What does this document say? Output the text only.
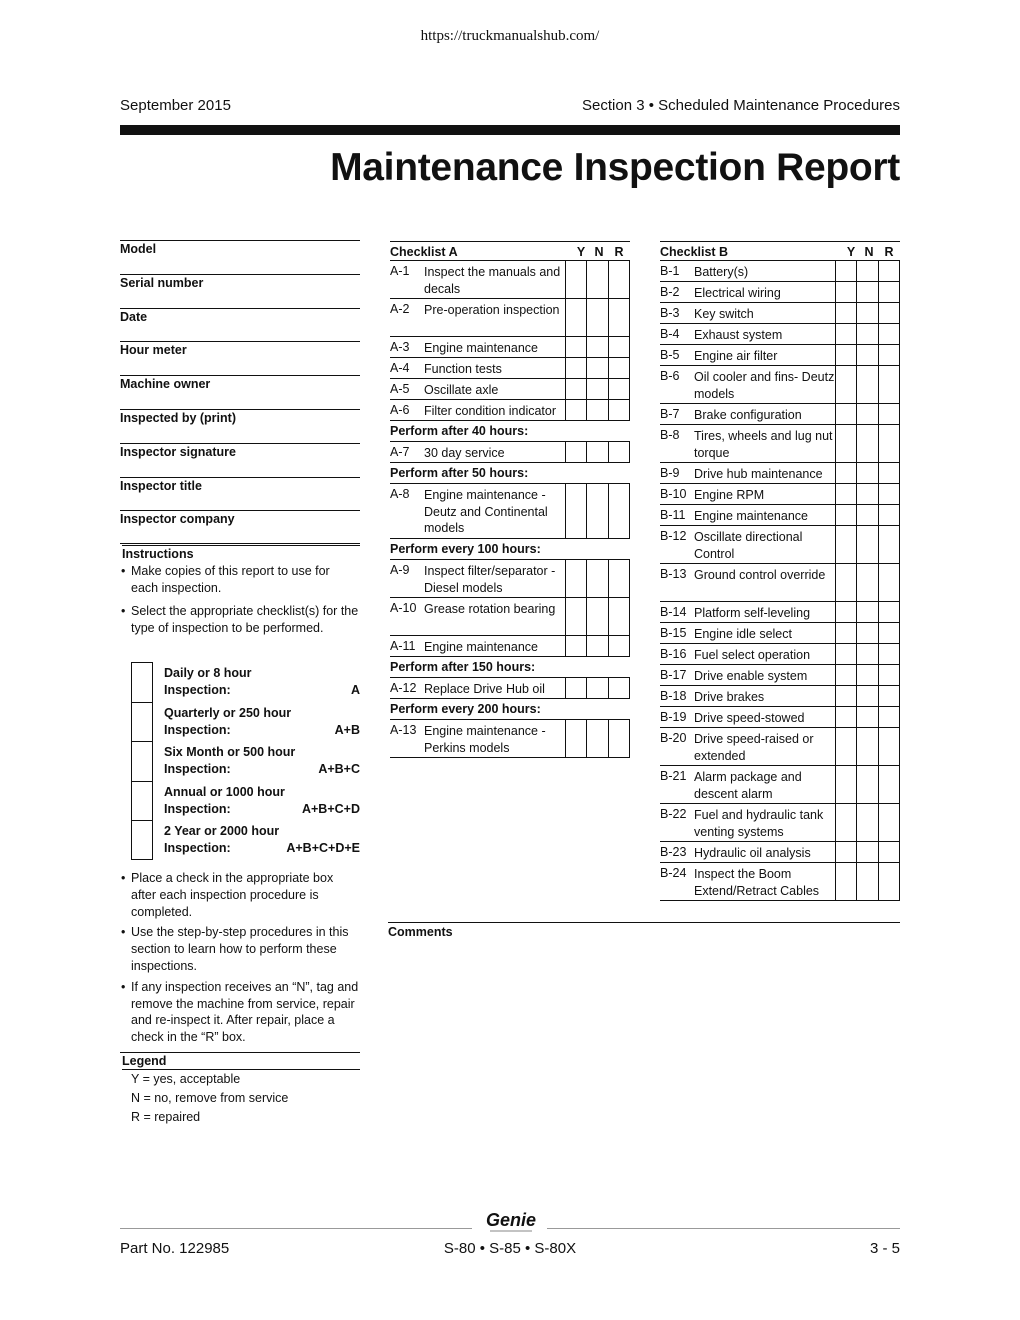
https://truckmanualshub.com/
September 2015	Section 3 • Scheduled Maintenance Procedures
Maintenance Inspection Report
Model
Serial number
Date
Hour meter
Machine owner
Inspected by (print)
Inspector signature
Inspector title
Inspector company
Instructions
• Make copies of this report to use for each inspection.
• Select the appropriate checklist(s) for the type of inspection to be performed.
Daily or 8 hour
Inspection:	A
Quarterly or 250 hour
Inspection:	A+B
Six Month or 500 hour
Inspection:	A+B+C
Annual or 1000 hour
Inspection:	A+B+C+D
2 Year or 2000 hour
Inspection:	A+B+C+D+E
• Place a check in the appropriate box after each inspection procedure is completed.
• Use the step-by-step procedures in this section to learn how to perform these inspections.
• If any inspection receives an “N”, tag and remove the machine from service, repair and re-inspect it. After repair, place a check in the “R” box.
Legend
Y = yes, acceptable
N = no, remove from service
R = repaired
Checklist A	Y N R
A-1 Inspect the manuals and decals
A-2 Pre-operation inspection
A-3 Engine maintenance
A-4 Function tests
A-5 Oscillate axle
A-6 Filter condition indicator
Perform after 40 hours:
A-7 30 day service
Perform after 50 hours:
A-8 Engine maintenance - Deutz and Continental models
Perform every 100 hours:
A-9 Inspect filter/separator - Diesel models
A-10 Grease rotation bearing
A-11 Engine maintenance
Perform after 150 hours:
A-12 Replace Drive Hub oil
Perform every 200 hours:
A-13 Engine maintenance - Perkins models
Checklist B	Y N R
B-1 Battery(s)
B-2 Electrical wiring
B-3 Key switch
B-4 Exhaust system
B-5 Engine air filter
B-6 Oil cooler and fins- Deutz models
B-7 Brake configuration
B-8 Tires, wheels and lug nut torque
B-9 Drive hub maintenance
B-10 Engine RPM
B-11 Engine maintenance
B-12 Oscillate directional Control
B-13 Ground control override
B-14 Platform self-leveling
B-15 Engine idle select
B-16 Fuel select operation
B-17 Drive enable system
B-18 Drive brakes
B-19 Drive speed-stowed
B-20 Drive speed-raised or extended
B-21 Alarm package and descent alarm
B-22 Fuel and hydraulic tank venting systems
B-23 Hydraulic oil analysis
B-24 Inspect the Boom Extend/Retract Cables
Comments
Genie
Part No. 122985	S-80 • S-85 • S-80X	3 - 5
